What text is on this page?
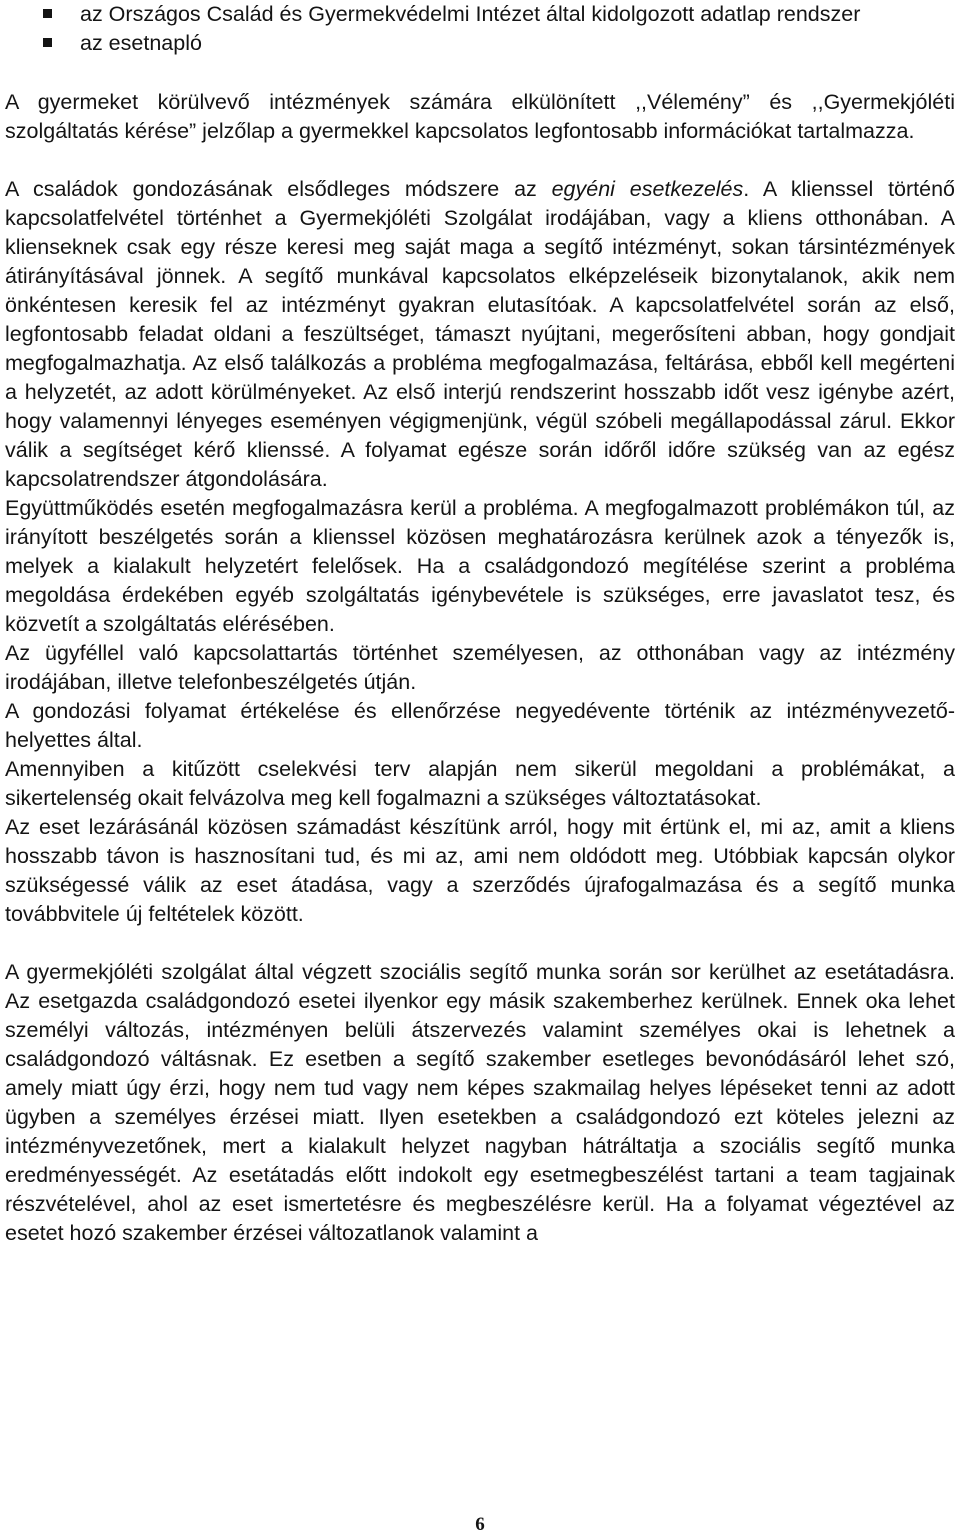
az Országos Család és Gyermekvédelmi Intézet által kidolgozott adatlap rendszer
az esetnapló

A gyermeket körülvevő intézmények számára elkülönített ,,Vélemény” és ,,Gyermekjóléti szolgáltatás kérése” jelzőlap a gyermekkel kapcsolatos legfontosabb információkat tartalmazza.

A családok gondozásának elsődleges módszere az egyéni esetkezelés. A klienssel történő kapcsolatfelvétel történhet a Gyermekjóléti Szolgálat irodájában, vagy a kliens otthonában. A klienseknek csak egy része keresi meg saját maga a segítő intézményt, sokan társintézmények átirányításával jönnek. A segítő munkával kapcsolatos elképzeléseik bizonytalanok, akik nem önkéntesen keresik fel az intézményt gyakran elutasítóak. A kapcsolatfelvétel során az első, legfontosabb feladat oldani a feszültséget, támaszt nyújtani, megerősíteni abban, hogy gondjait megfogalmazhatja. Az első találkozás a probléma megfogalmazása, feltárása, ebből kell megérteni a helyzetét, az adott körülményeket. Az első interjú rendszerint hosszabb időt vesz igénybe azért, hogy valamennyi lényeges eseményen végigmenjünk, végül szóbeli megállapodással zárul. Ekkor válik a segítséget kérő klienssé. A folyamat egésze során időről időre szükség van az egész kapcsolatrendszer átgondolására.

Együttműködés esetén megfogalmazásra kerül a probléma. A megfogalmazott problémákon túl, az irányított beszélgetés során a klienssel közösen meghatározásra kerülnek azok a tényezők is, melyek a kialakult helyzetért felelősek. Ha a családgondozó megítélése szerint a probléma megoldása érdekében egyéb szolgáltatás igénybevétele is szükséges, erre javaslatot tesz, és közvetít a szolgáltatás elérésében.

Az ügyféllel való kapcsolattartás történhet személyesen, az otthonában vagy az intézmény irodájában, illetve telefonbeszélgetés útján.

A gondozási folyamat értékelése és ellenőrzése negyedévente történik az intézményvezető-helyettes által.

Amennyiben a kitűzött cselekvési terv alapján nem sikerül megoldani a problémákat, a sikertelenség okait felvázolva meg kell fogalmazni a szükséges változtatásokat.

Az eset lezárásánál közösen számadást készítünk arról, hogy mit értünk el, mi az, amit a kliens hosszabb távon is hasznosítani tud, és mi az, ami nem oldódott meg. Utóbbiak kapcsán olykor szükségessé válik az eset átadása, vagy a szerződés újrafogalmazása és a segítő munka továbbvitele új feltételek között.

A gyermekjóléti szolgálat által végzett szociális segítő munka során sor kerülhet az esetátadásra. Az esetgazda családgondozó esetei ilyenkor egy másik szakemberhez kerülnek. Ennek oka lehet személyi változás, intézményen belüli átszervezés valamint személyes okai is lehetnek a családgondozó váltásnak. Ez esetben a segítő szakember esetleges bevonódásáról lehet szó, amely miatt úgy érzi, hogy nem tud vagy nem képes szakmailag helyes lépéseket tenni az adott ügyben a személyes érzései miatt. Ilyen esetekben a családgondozó ezt köteles jelezni az intézményvezetőnek, mert a kialakult helyzet nagyban hátráltatja a szociális segítő munka eredményességét. Az esetátadás előtt indokolt egy esetmegbeszélést tartani a team tagjainak részvételével, ahol az eset ismertetésre és megbeszélésre kerül. Ha a folyamat végeztével az esetet hozó szakember érzései változatlanok valamint a

6
